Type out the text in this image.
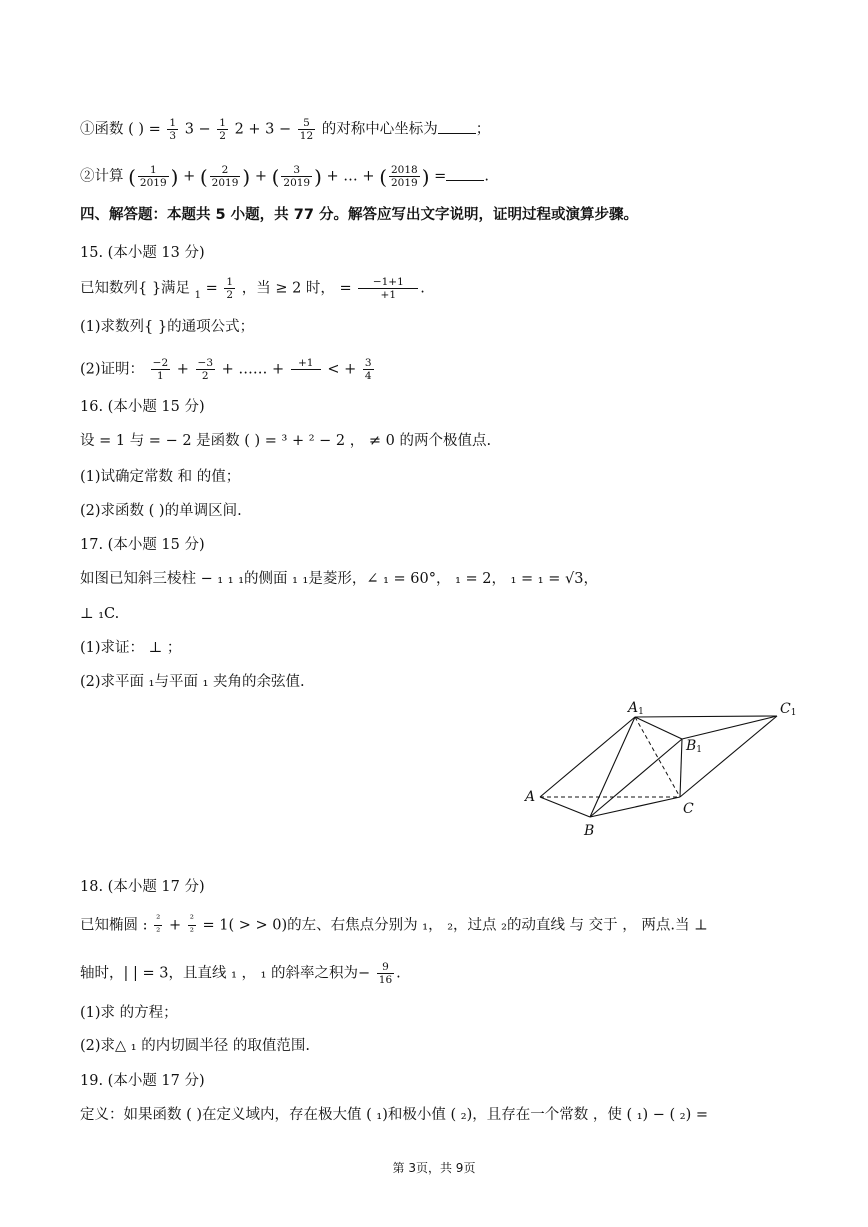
①函数 ( ) = $\frac{1}{3} 3 - \frac{1}{2} 2 + 3 - \frac{5}{12}$ 的对称中心坐标为	；
②计算 ( $\frac{1}{2019}$ ) + ( $\frac{2}{2019}$ ) + ( $\frac{3}{2019}$ ) + … + ( $\frac{2018}{2019}$ ) =	.
四、解答题：本题共 5 小题，共 77 分。解答应写出文字说明，证明过程或演算步骤。
15. (本小题 13 分)
已知数列{ }满足 $_1 = \frac{1}{2}$ ，当 ≥ 2 时， = $\frac{-1+1}{+1}$ .
(1)求数列{ }的通项公式；
(2)证明： $\frac{-2}{1} + \frac{-3}{2}$ + …… +	+1
< + $\frac{3}{4}$
16. (本小题 15 分)
设 = 1 与 = − 2 是函数 ( ) = ³ + ² − 2 ， ≠ 0 的两个极值点.
(1)试确定常数 和 的值；
(2)求函数 ( )的单调区间.
17. (本小题 15 分)
如图已知斜三棱柱 − ₁ ₁ ₁的侧面 ₁ ₁是菱形，∠ ₁ = 60°， ₁ = 2， ₁ = ₁ = √3，
⊥ ₁C.
(1)求证： ⊥ ；
(2)求平面 ₁与平面 ₁ 夹角的余弦值.
A1	C1
B1
A
B
C
18. (本小题 17 分)
已知椭圆 : $\frac{\text{²}}{\text{²}} + \frac{\text{²}}{\text{²}} = 1$( > > 0)的左、右焦点分别为 ₁， ₂，过点 ₂的动直线 与 交于 ， 两点.当 ⊥
轴时，| | = 3，且直线 ₁ ， ₁ 的斜率之积为− $\frac{9}{16}$ .
(1)求 的方程；
(2)求△ ₁ 的内切圆半径 的取值范围.
19. (本小题 17 分)
定义：如果函数 ( )在定义域内，存在极大值 ( ₁)和极小值 ( ₂)，且存在一个常数 ，使 ( ₁) − ( ₂) =
第 3页，共 9页
